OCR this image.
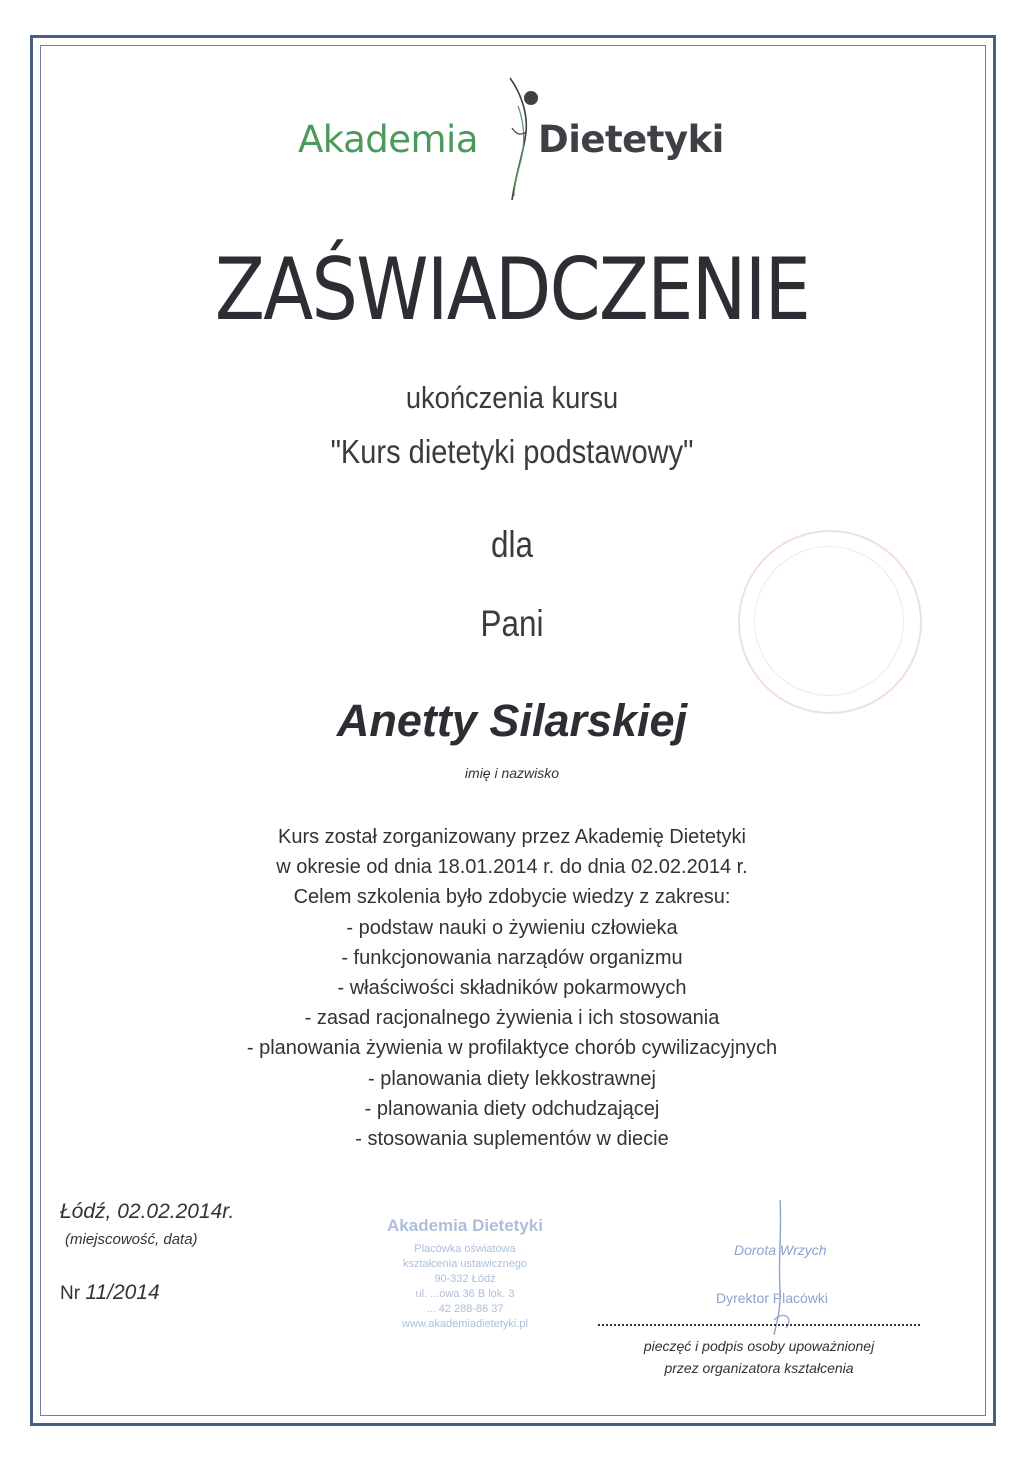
Akademia Dietetyki
ZAŚWIADCZENIE
ukończenia kursu
"Kurs dietetyki podstawowy"
dla
Pani
Anetty Silarskiej
imię i nazwisko
Kurs został zorganizowany przez Akademię Dietetyki
w okresie od dnia 18.01.2014 r. do dnia 02.02.2014 r.
Celem szkolenia było zdobycie wiedzy z zakresu:
- podstaw nauki o żywieniu człowieka
- funkcjonowania narządów organizmu
- właściwości składników pokarmowych
- zasad racjonalnego żywienia i ich stosowania
- planowania żywienia w profilaktyce chorób cywilizacyjnych
- planowania diety lekkostrawnej
- planowania diety odchudzającej
- stosowania suplementów w diecie
Łódź, 02.02.2014r.
(miejscowość, data)
Nr 11/2014
Akademia Dietetyki
Placówka oświatowa
kształcenia ustawicznego
90-332 Łódź
ul. ...owa 36 B lok. 3
... 42 288-86 37
www.akademiadietetyki.pl
Dorota Wrzych
Dyrektor Placówki
pieczęć i podpis osoby upoważnionej
przez organizatora kształcenia
